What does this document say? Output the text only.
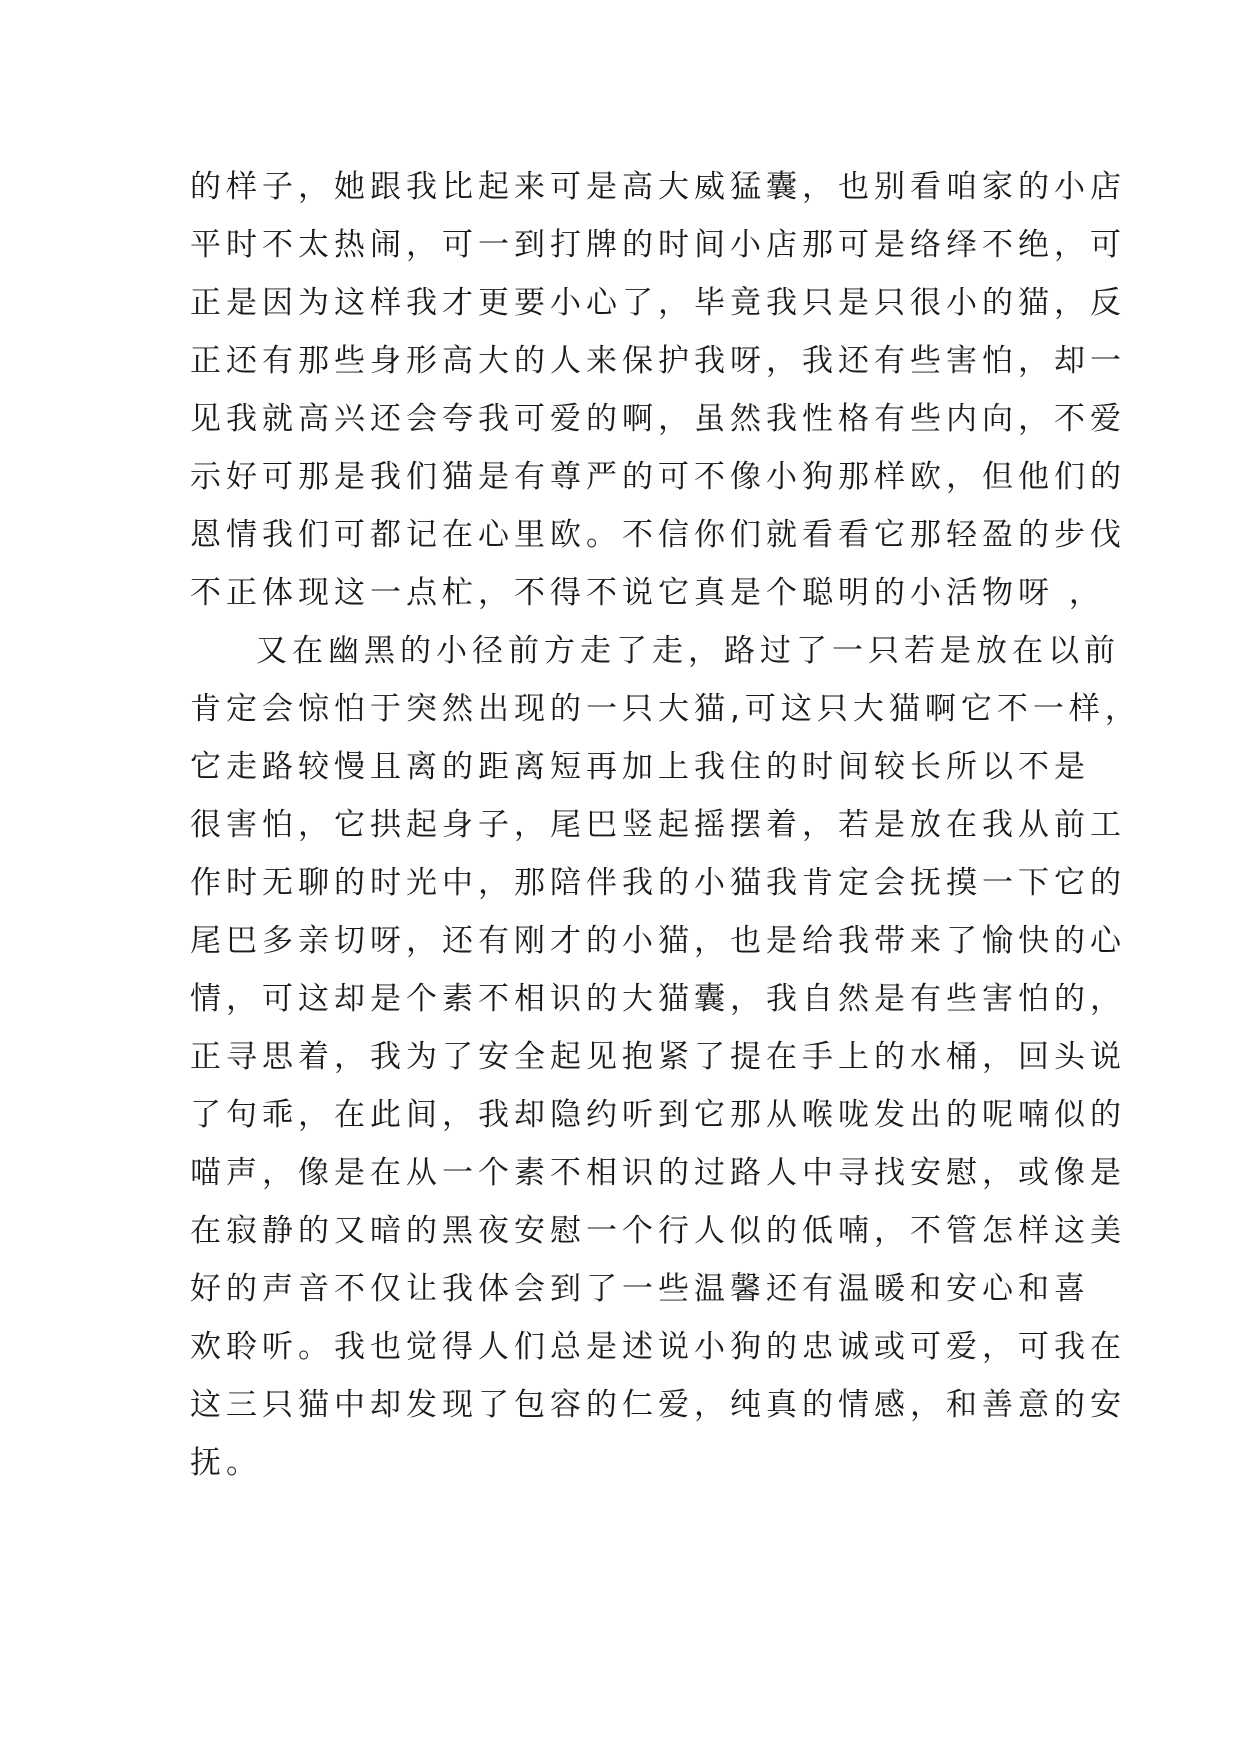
的样子，她跟我比起来可是高大威猛囊，也别看咱家的小店
平时不太热闹，可一到打牌的时间小店那可是络绎不绝，可
正是因为这样我才更要小心了，毕竟我只是只很小的猫，反
正还有那些身形高大的人来保护我呀，我还有些害怕，却一
见我就高兴还会夸我可爱的啊，虽然我性格有些内向，不爱
示好可那是我们猫是有尊严的可不像小狗那样欧，但他们的
恩情我们可都记在心里欧。不信你们就看看它那轻盈的步伐
不正体现这一点杧，不得不说它真是个聪明的小活物呀 ，
又在幽黑的小径前方走了走，路过了一只若是放在以前
肯定会惊怕于突然出现的一只大猫,可这只大猫啊它不一样，
它走路较慢且离的距离短再加上我住的时间较长所以不是
很害怕，它拱起身子，尾巴竖起摇摆着，若是放在我从前工
作时无聊的时光中，那陪伴我的小猫我肯定会抚摸一下它的
尾巴多亲切呀，还有刚才的小猫，也是给我带来了愉快的心
情，可这却是个素不相识的大猫囊，我自然是有些害怕的，
正寻思着，我为了安全起见抱紧了提在手上的水桶，回头说
了句乖，在此间，我却隐约听到它那从喉咙发出的呢喃似的
喵声，像是在从一个素不相识的过路人中寻找安慰，或像是
在寂静的又暗的黑夜安慰一个行人似的低喃，不管怎样这美
好的声音不仅让我体会到了一些温馨还有温暖和安心和喜
欢聆听。我也觉得人们总是述说小狗的忠诚或可爱，可我在
这三只猫中却发现了包容的仁爱，纯真的情感，和善意的安
抚。
